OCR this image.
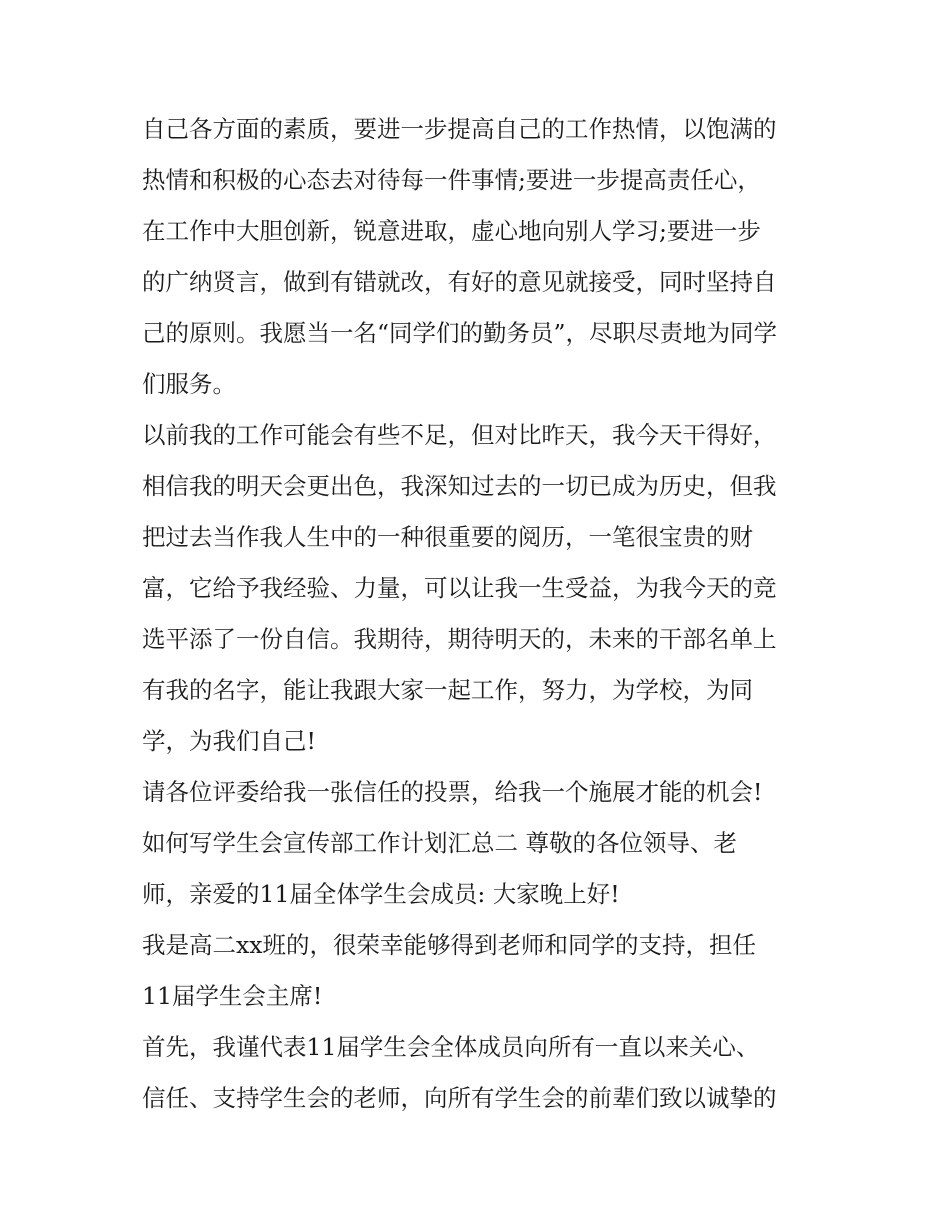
自己各方面的素质，要进一步提高自己的工作热情，以饱满的
热情和积极的心态去对待每一件事情;要进一步提高责任心，
在工作中大胆创新，锐意进取，虚心地向别人学习;要进一步
的广纳贤言，做到有错就改，有好的意见就接受，同时坚持自
己的原则。我愿当一名“同学们的勤务员”，尽职尽责地为同学
们服务。
以前我的工作可能会有些不足，但对比昨天，我今天干得好，
相信我的明天会更出色，我深知过去的一切已成为历史，但我
把过去当作我人生中的一种很重要的阅历，一笔很宝贵的财
富，它给予我经验、力量，可以让我一生受益，为我今天的竞
选平添了一份自信。我期待，期待明天的，未来的干部名单上
有我的名字，能让我跟大家一起工作，努力，为学校，为同
学，为我们自己!
请各位评委给我一张信任的投票，给我一个施展才能的机会!
如何写学生会宣传部工作计划汇总二 尊敬的各位领导、老
师，亲爱的11届全体学生会成员: 大家晚上好!
我是高二xx班的，很荣幸能够得到老师和同学的支持，担任
11届学生会主席!
首先，我谨代表11届学生会全体成员向所有一直以来关心、
信任、支持学生会的老师，向所有学生会的前辈们致以诚挚的
